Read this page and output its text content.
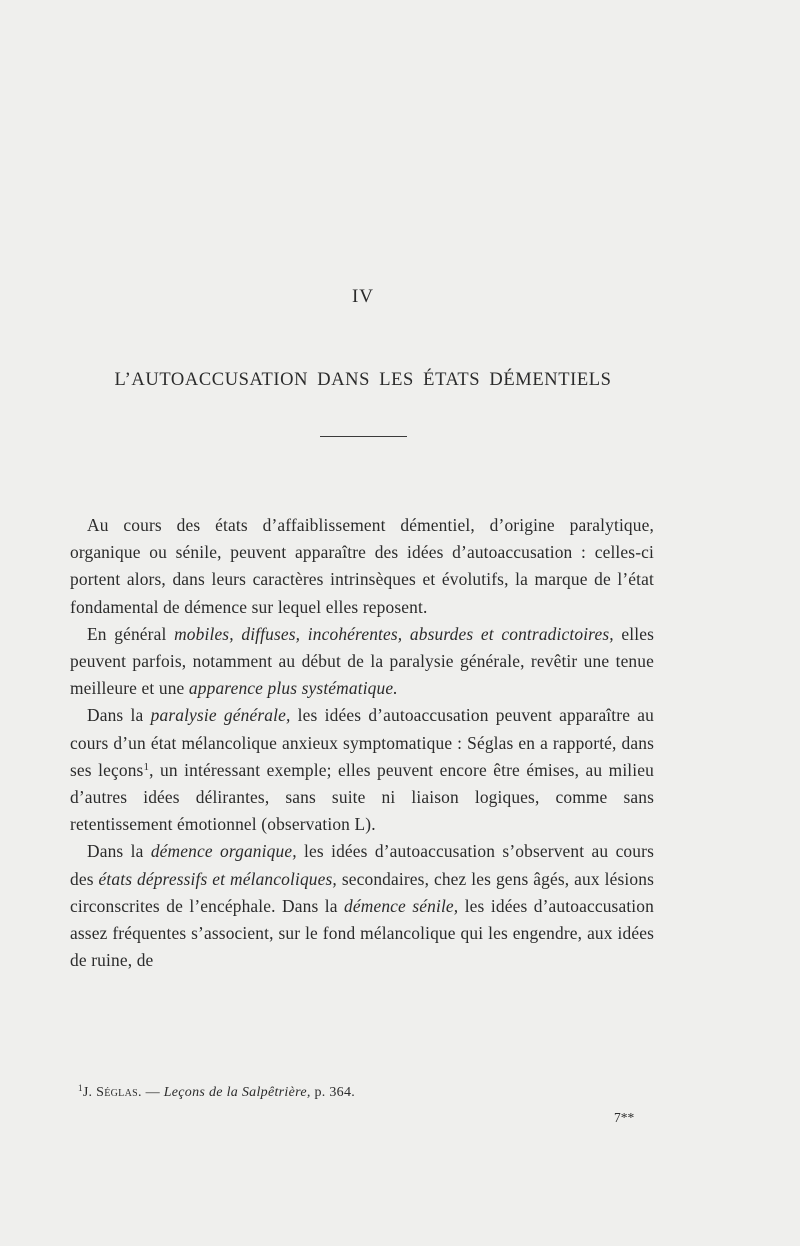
IV
L’AUTOACCUSATION DANS LES ÉTATS DÉMENTIELS

Au cours des états d’affaiblissement démentiel, d’origine paralytique, organique ou sénile, peuvent apparaître des idées d’autoaccusation : celles-ci portent alors, dans leurs caractères intrinsèques et évolutifs, la marque de l’état fondamental de démence sur lequel elles reposent.

En général mobiles, diffuses, incohérentes, absurdes et contradictoires, elles peuvent parfois, notamment au début de la paralysie générale, revêtir une tenue meilleure et une apparence plus systématique.

Dans la paralysie générale, les idées d’autoaccusation peuvent apparaître au cours d’un état mélancolique anxieux symptomatique : Séglas en a rapporté, dans ses leçons$^1$, un intéressant exemple; elles peuvent encore être émises, au milieu d’autres idées délirantes, sans suite ni liaison logiques, comme sans retentissement émotionnel (observation L).

Dans la démence organique, les idées d’autoaccusation s’observent au cours des états dépressifs et mélancoliques, secondaires, chez les gens âgés, aux lésions circonscrites de l’encéphale. Dans la démence sénile, les idées d’autoaccusation assez fréquentes s’associent, sur le fond mélancolique qui les engendre, aux idées de ruine, de

$^1$J. Séglas. — Leçons de la Salpêtrière, p. 364.
7**
